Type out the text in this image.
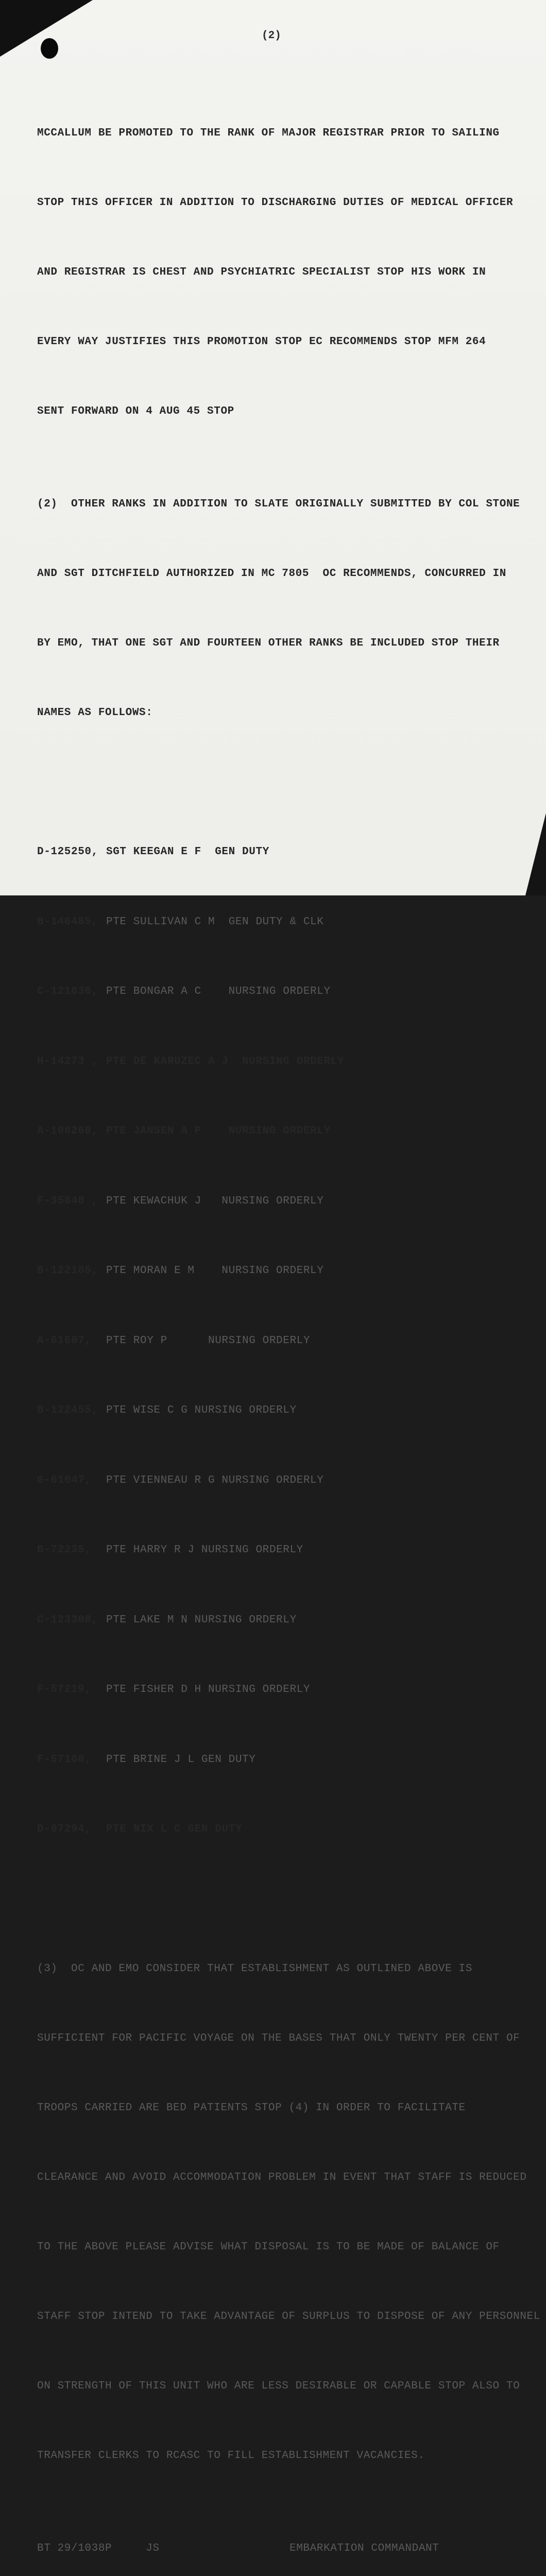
(2)

MCCALLUM BE PROMOTED TO THE RANK OF MAJOR REGISTRAR PRIOR TO SAILING

STOP THIS OFFICER IN ADDITION TO DISCHARGING DUTIES OF MEDICAL OFFICER

AND REGISTRAR IS CHEST AND PSYCHIATRIC SPECIALIST STOP HIS WORK IN

EVERY WAY JUSTIFIES THIS PROMOTION STOP EC RECOMMENDS STOP MFM 264

SENT FORWARD ON 4 AUG 45 STOP

(2)  OTHER RANKS IN ADDITION TO SLATE ORIGINALLY SUBMITTED BY COL STONE

AND SGT DITCHFIELD AUTHORIZED IN MC 7805  OC RECOMMENDS, CONCURRED IN

BY EMO, THAT ONE SGT AND FOURTEEN OTHER RANKS BE INCLUDED STOP THEIR

NAMES AS FOLLOWS:

D-125250, SGT KEEGAN E F  GEN DUTY

B-146485, PTE SULLIVAN C M  GEN DUTY & CLK

C-121836, PTE BONGAR A C    NURSING ORDERLY

H-14273 , PTE DE KARUZEC A J  NURSING ORDERLY

A-108268, PTE JANSEN A P    NURSING ORDERLY

F-35848 , PTE KEWACHUK J   NURSING ORDERLY

B-122185, PTE MORAN E M    NURSING ORDERLY

A-61607, PTE ROY P      NURSING ORDERLY

B-122455, PTE WISE C G NURSING ORDERLY

G-61047, PTE VIENNEAU R G NURSING ORDERLY

B-72235, PTE HARRY R J NURSING ORDERLY

C-123308, PTE LAKE M N NURSING ORDERLY

F-57219, PTE FISHER D H NURSING ORDERLY

F-57108, PTE BRINE J L GEN DUTY

D-97294, PTE NIX L C GEN DUTY

(3)  OC AND EMO CONSIDER THAT ESTABLISHMENT AS OUTLINED ABOVE IS

SUFFICIENT FOR PACIFIC VOYAGE ON THE BASES THAT ONLY TWENTY PER CENT OF

TROOPS CARRIED ARE BED PATIENTS STOP (4) IN ORDER TO FACILITATE

CLEARANCE AND AVOID ACCOMMODATION PROBLEM IN EVENT THAT STAFF IS REDUCED

TO THE ABOVE PLEASE ADVISE WHAT DISPOSAL IS TO BE MADE OF BALANCE OF

STAFF STOP INTEND TO TAKE ADVANTAGE OF SURPLUS TO DISPOSE OF ANY PERSONNEL

ON STRENGTH OF THIS UNIT WHO ARE LESS DESIRABLE OR CAPABLE STOP ALSO TO

TRANSFER CLERKS TO RCASC TO FILL ESTABLISHMENT VACANCIES.

BT 29/1038P     JS	EMBARKATION COMMANDANT
